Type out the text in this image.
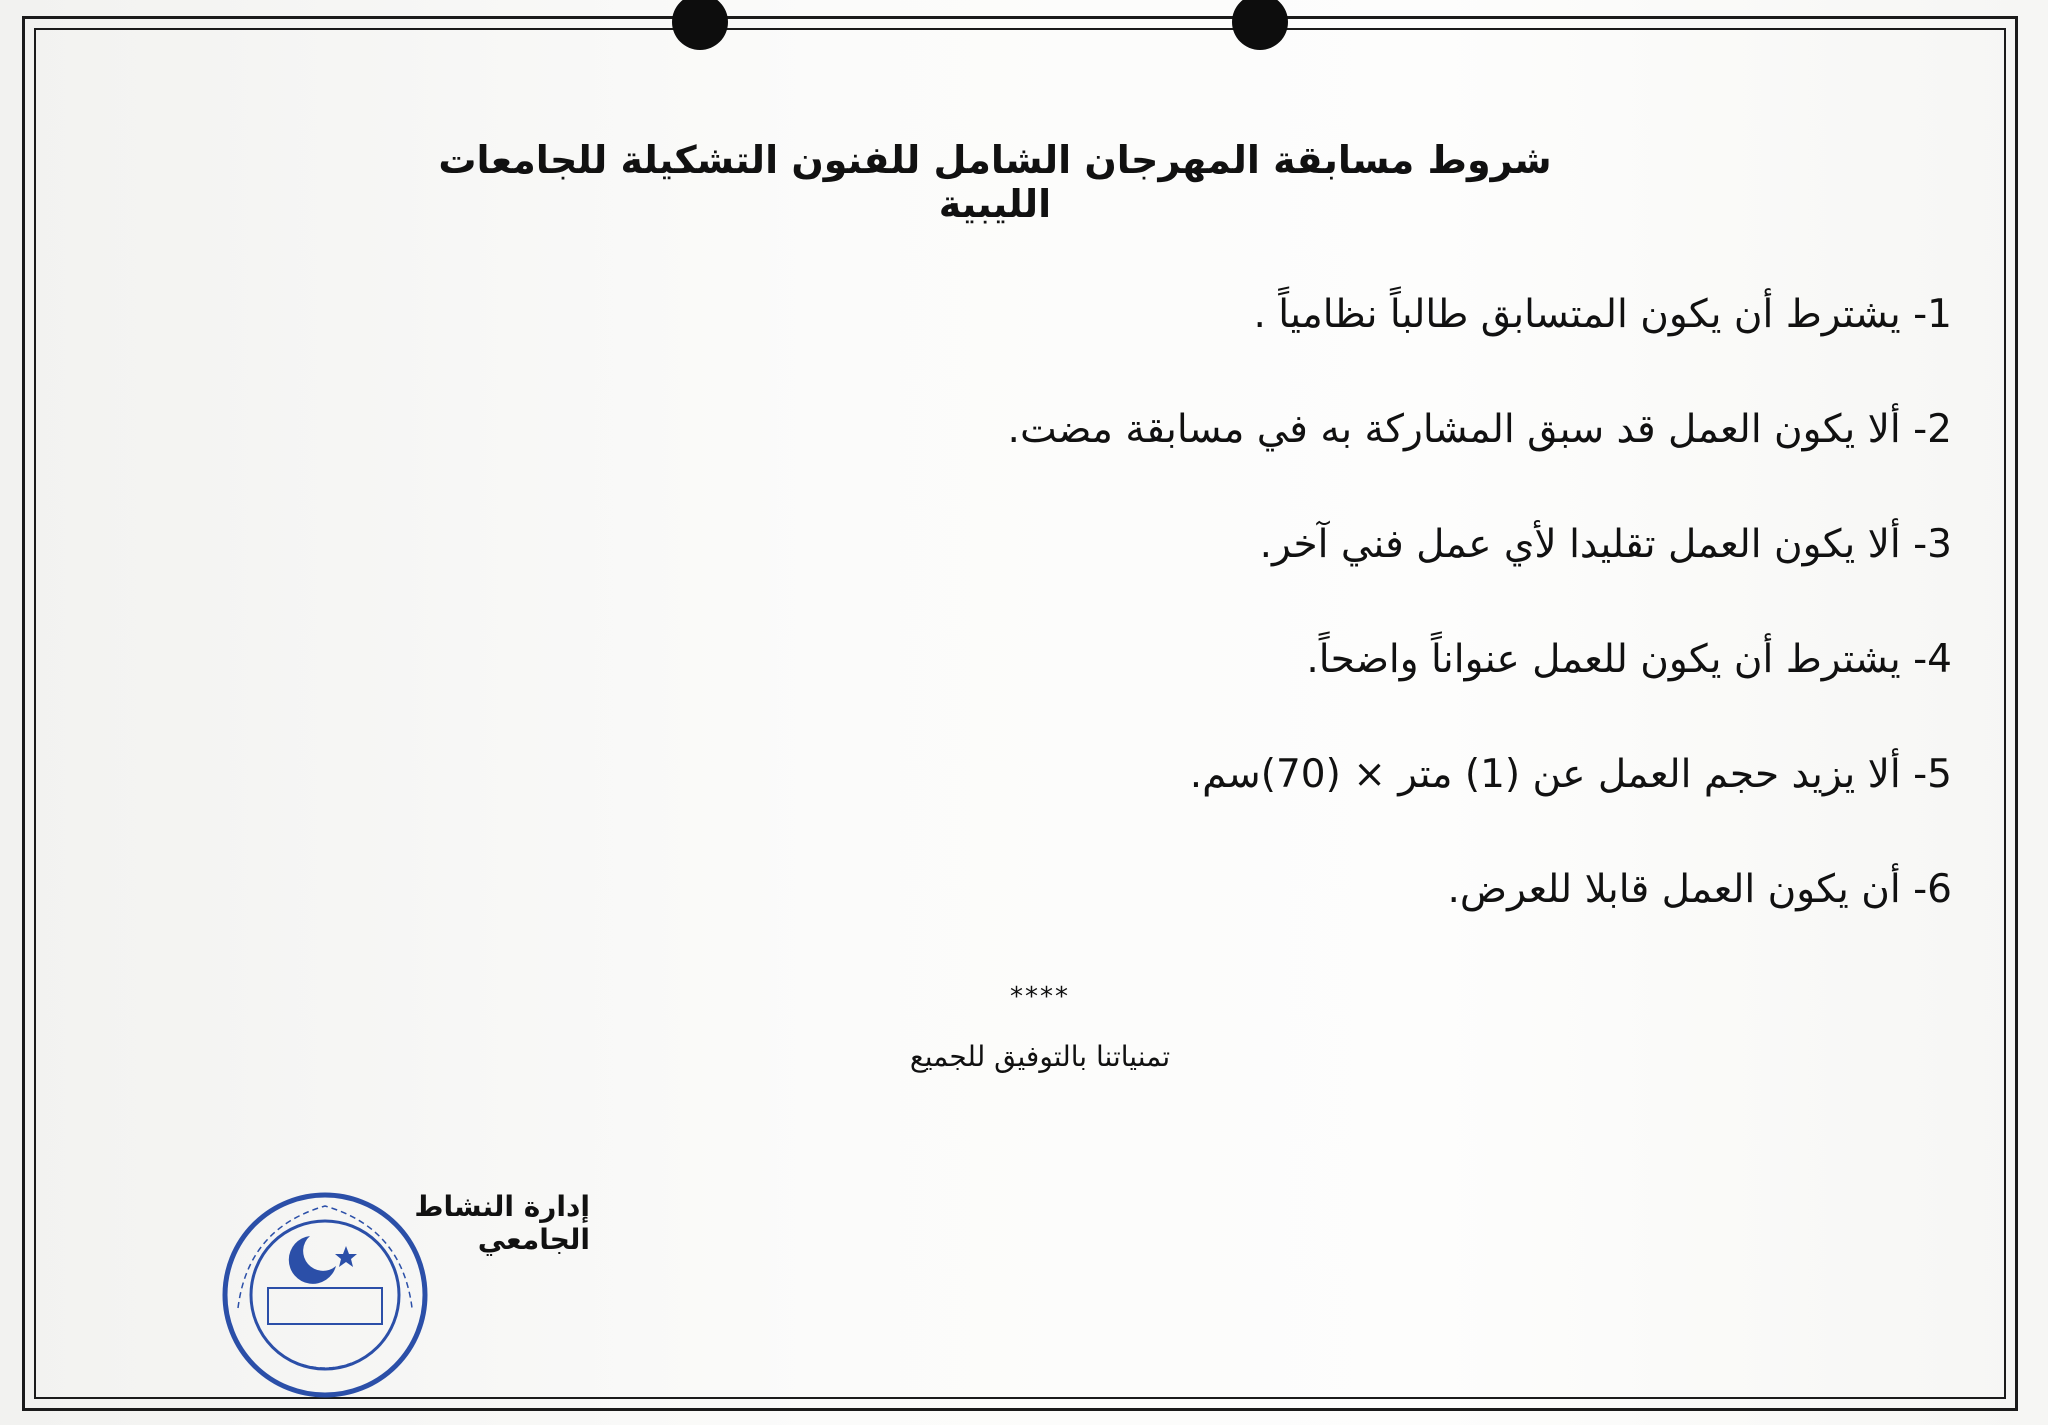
شروط مسابقة المهرجان الشامل للفنون التشكيلة للجامعات الليبية
1- يشترط أن يكون المتسابق طالباً نظامياً .
2- ألا يكون العمل قد سبق المشاركة به في مسابقة مضت.
3- ألا يكون العمل تقليدا لأي عمل فني آخر.
4- يشترط أن يكون للعمل عنواناً واضحاً.
5- ألا يزيد حجم العمل عن (1) متر × (70)سم.
6- أن يكون العمل قابلا للعرض.
****
تمنياتنا بالتوفيق للجميع
إدارة النشاط الجامعي
